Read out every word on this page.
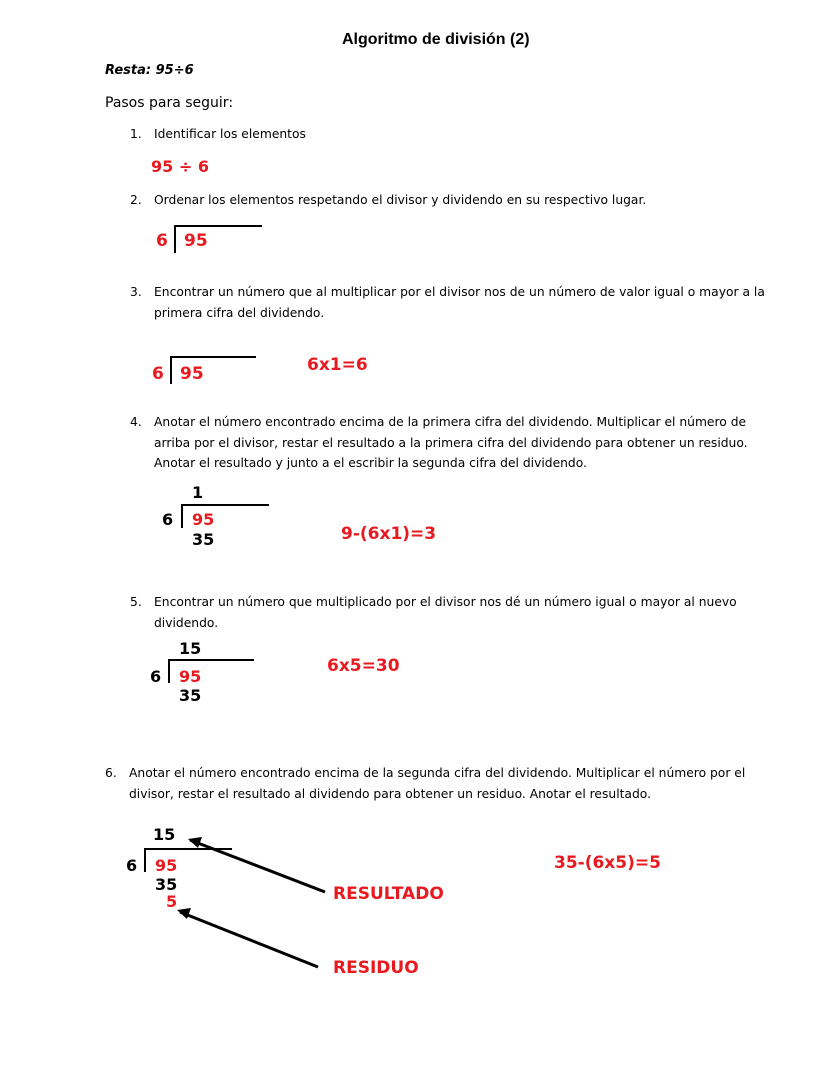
Algoritmo de división (2)
Resta: 95÷6
Pasos para seguir:
1. Identificar los elementos
95 ÷ 6
2. Ordenar los elementos respetando el divisor y dividendo en su respectivo lugar.
6 95
3. Encontrar un número que al multiplicar por el divisor nos de un número de valor igual o mayor a la primera cifra del dividendo.
6 95	6x1=6
4. Anotar el número encontrado encima de la primera cifra del dividendo. Multiplicar el número de arriba por el divisor, restar el resultado a la primera cifra del dividendo para obtener un residuo. Anotar el resultado y junto a el escribir la segunda cifra del dividendo.
1
6 95
35	9-(6x1)=3
5. Encontrar un número que multiplicado por el divisor nos dé un número igual o mayor al nuevo dividendo.
15
6 95
35
6x5=30
6. Anotar el número encontrado encima de la segunda cifra del dividendo. Multiplicar el número por el divisor, restar el resultado al dividendo para obtener un residuo. Anotar el resultado.
15
6 95
35
5	RESULTADO
RESIDUO
35-(6x5)=5
